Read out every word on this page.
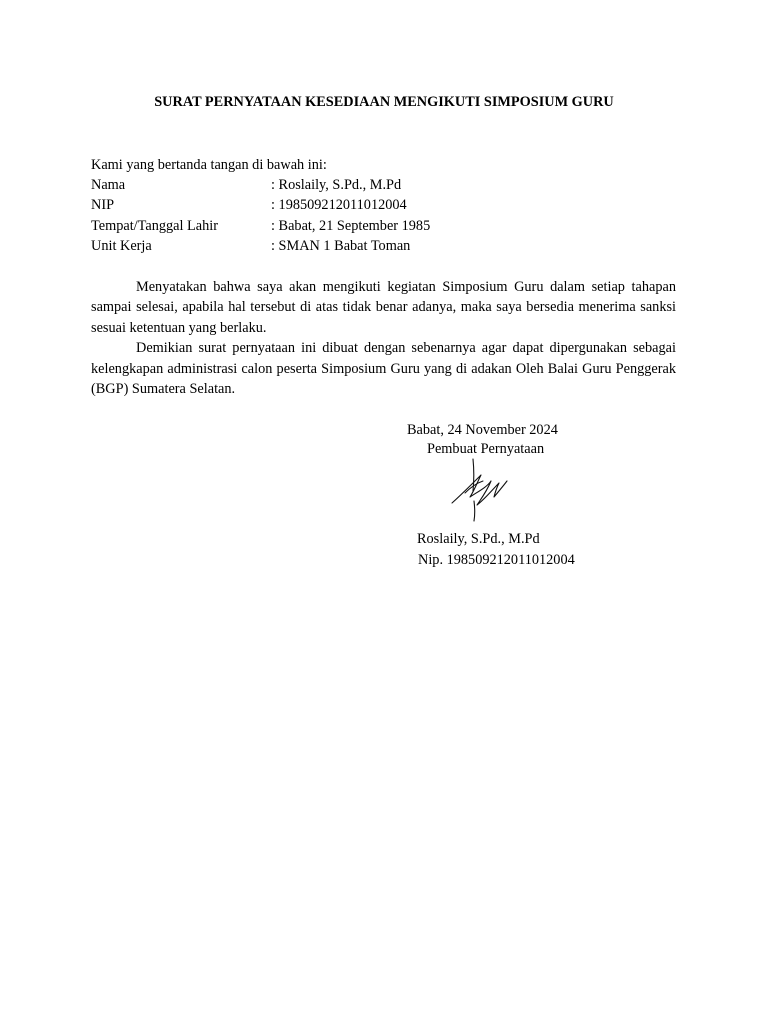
SURAT PERNYATAAN KESEDIAAN MENGIKUTI SIMPOSIUM GURU
Kami yang bertanda tangan di bawah ini:
Nama	: Roslaily, S.Pd., M.Pd
NIP	: 198509212011012004
Tempat/Tanggal Lahir	: Babat, 21 September 1985
Unit Kerja	: SMAN 1 Babat Toman

Menyatakan bahwa saya akan mengikuti kegiatan Simposium Guru dalam setiap tahapan sampai selesai, apabila hal tersebut di atas tidak benar adanya, maka saya bersedia menerima sanksi sesuai ketentuan yang berlaku.

Demikian surat pernyataan ini dibuat dengan sebenarnya agar dapat dipergunakan sebagai kelengkapan administrasi calon peserta Simposium Guru yang di adakan Oleh Balai Guru Penggerak (BGP) Sumatera Selatan.

Babat, 24 November 2024
Pembuat Pernyataan
Roslaily, S.Pd., M.Pd
Nip. 198509212011012004
